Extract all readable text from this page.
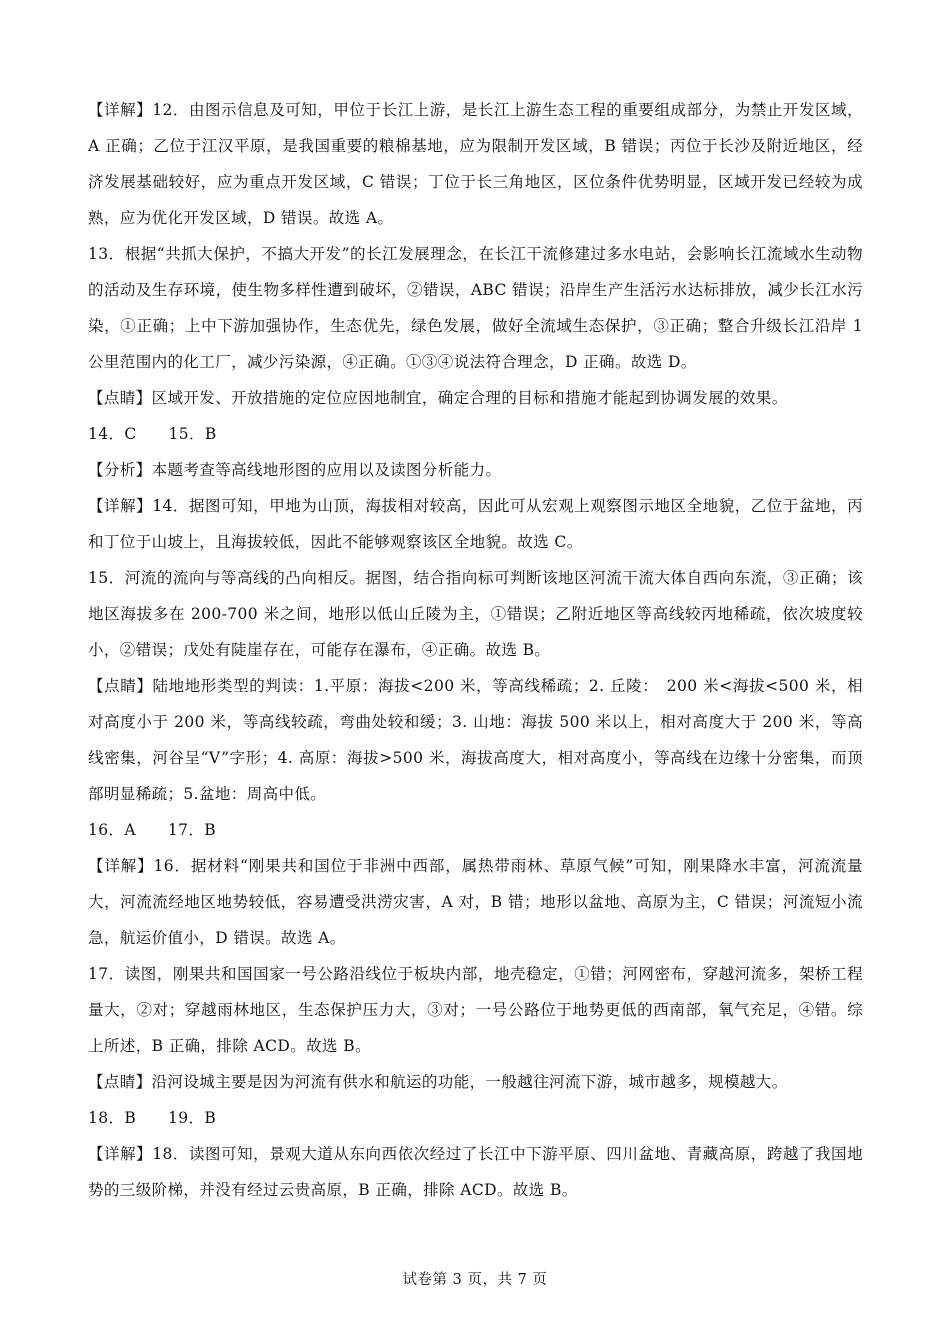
【详解】12．由图示信息及可知，甲位于长江上游，是长江上游生态工程的重要组成部分，为禁止开发区域，A 正确；乙位于江汉平原，是我国重要的粮棉基地，应为限制开发区域，B 错误；丙位于长沙及附近地区，经济发展基础较好，应为重点开发区域，C 错误；丁位于长三角地区，区位条件优势明显，区域开发已经较为成熟，应为优化开发区域，D 错误。故选 A。

13．根据“共抓大保护，不搞大开发”的长江发展理念，在长江干流修建过多水电站，会影响长江流域水生动物的活动及生存环境，使生物多样性遭到破坏，②错误，ABC 错误；沿岸生产生活污水达标排放，减少长江水污染，①正确；上中下游加强协作，生态优先，绿色发展，做好全流域生态保护，③正确；整合升级长江沿岸 1 公里范围内的化工厂，减少污染源，④正确。①③④说法符合理念，D 正确。故选 D。

【点睛】区域开发、开放措施的定位应因地制宜，确定合理的目标和措施才能起到协调发展的效果。

14．C　　15．B

【分析】本题考查等高线地形图的应用以及读图分析能力。

【详解】14．据图可知，甲地为山顶，海拔相对较高，因此可从宏观上观察图示地区全地貌，乙位于盆地，丙和丁位于山坡上，且海拔较低，因此不能够观察该区全地貌。故选 C。

15．河流的流向与等高线的凸向相反。据图，结合指向标可判断该地区河流干流大体自西向东流，③正确；该地区海拔多在 200-700 米之间，地形以低山丘陵为主，①错误；乙附近地区等高线较丙地稀疏，依次坡度较小，②错误；戊处有陡崖存在，可能存在瀑布，④正确。故选 B。

【点睛】陆地地形类型的判读：1.平原：海拔<200 米，等高线稀疏；2. 丘陵：　200 米<海拔<500 米，相对高度小于 200 米，等高线较疏，弯曲处较和缓；3. 山地：海拔 500 米以上，相对高度大于 200 米，等高线密集，河谷呈“V”字形；4. 高原：海拔>500 米，海拔高度大，相对高度小，等高线在边缘十分密集，而顶部明显稀疏；5.盆地：周高中低。

16．A　　17．B

【详解】16．据材料“刚果共和国位于非洲中西部，属热带雨林、草原气候”可知，刚果降水丰富，河流流量大，河流流经地区地势较低，容易遭受洪涝灾害，A 对，B 错；地形以盆地、高原为主，C 错误；河流短小流急，航运价值小，D 错误。故选 A。

17．读图，刚果共和国国家一号公路沿线位于板块内部，地壳稳定，①错；河网密布，穿越河流多，架桥工程量大，②对；穿越雨林地区，生态保护压力大，③对；一号公路位于地势更低的西南部，氧气充足，④错。综上所述，B 正确，排除 ACD。故选 B。

【点睛】沿河设城主要是因为河流有供水和航运的功能，一般越往河流下游，城市越多，规模越大。

18．B　　19．B

【详解】18．读图可知，景观大道从东向西依次经过了长江中下游平原、四川盆地、青藏高原，跨越了我国地势的三级阶梯，并没有经过云贵高原，B 正确，排除 ACD。故选 B。

试卷第 3 页，共 7 页
